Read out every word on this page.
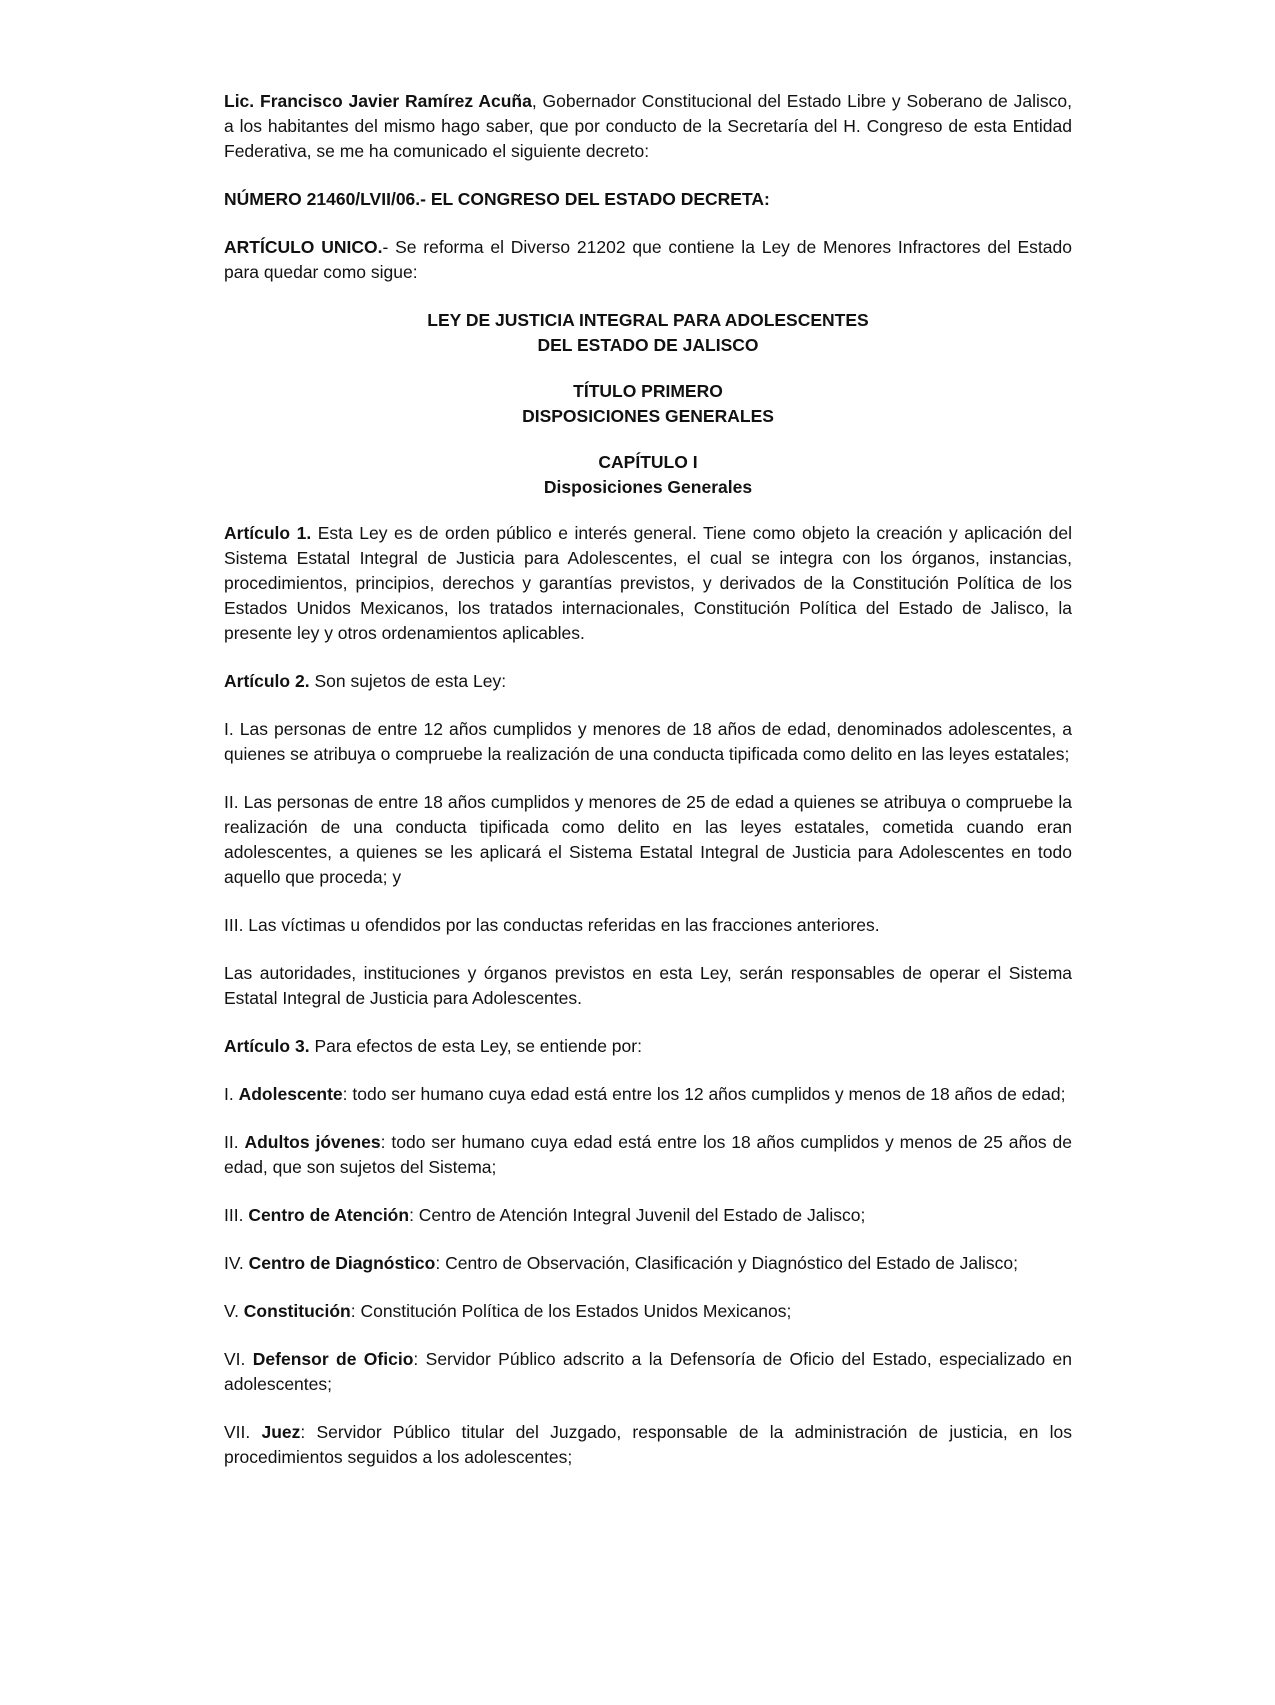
Lic. Francisco Javier Ramírez Acuña, Gobernador Constitucional del Estado Libre y Soberano de Jalisco, a los habitantes del mismo hago saber, que por conducto de la Secretaría del H. Congreso de esta Entidad Federativa, se me ha comunicado el siguiente decreto:

NÚMERO 21460/LVII/06.- EL CONGRESO DEL ESTADO DECRETA:

ARTÍCULO UNICO.- Se reforma el Diverso 21202 que contiene la Ley de Menores Infractores del Estado para quedar como sigue:

LEY DE JUSTICIA INTEGRAL PARA ADOLESCENTES
DEL ESTADO DE JALISCO

TÍTULO PRIMERO
DISPOSICIONES GENERALES

CAPÍTULO I
Disposiciones Generales

Artículo 1. Esta Ley es de orden público e interés general. Tiene como objeto la creación y aplicación del Sistema Estatal Integral de Justicia para Adolescentes, el cual se integra con los órganos, instancias, procedimientos, principios, derechos y garantías previstos, y derivados de la Constitución Política de los Estados Unidos Mexicanos, los tratados internacionales, Constitución Política del Estado de Jalisco, la presente ley y otros ordenamientos aplicables.

Artículo 2. Son sujetos de esta Ley:

I. Las personas de entre 12 años cumplidos y menores de 18 años de edad, denominados adolescentes, a quienes se atribuya o compruebe la realización de una conducta tipificada como delito en las leyes estatales;

II. Las personas de entre 18 años cumplidos y menores de 25 de edad a quienes se atribuya o compruebe la realización de una conducta tipificada como delito en las leyes estatales, cometida cuando eran adolescentes, a quienes se les aplicará el Sistema Estatal Integral de Justicia para Adolescentes en todo aquello que proceda; y

III. Las víctimas u ofendidos por las conductas referidas en las fracciones anteriores.

Las autoridades, instituciones y órganos previstos en esta Ley, serán responsables de operar el Sistema Estatal Integral de Justicia para Adolescentes.

Artículo 3. Para efectos de esta Ley, se entiende por:

I. Adolescente: todo ser humano cuya edad está entre los 12 años cumplidos y menos de 18 años de edad;

II. Adultos jóvenes: todo ser humano cuya edad está entre los 18 años cumplidos y menos de 25 años de edad, que son sujetos del Sistema;

III. Centro de Atención: Centro de Atención Integral Juvenil del Estado de Jalisco;

IV. Centro de Diagnóstico: Centro de Observación, Clasificación y Diagnóstico del Estado de Jalisco;

V. Constitución: Constitución Política de los Estados Unidos Mexicanos;

VI. Defensor de Oficio: Servidor Público adscrito a la Defensoría de Oficio del Estado, especializado en adolescentes;

VII. Juez: Servidor Público titular del Juzgado, responsable de la administración de justicia, en los procedimientos seguidos a los adolescentes;
